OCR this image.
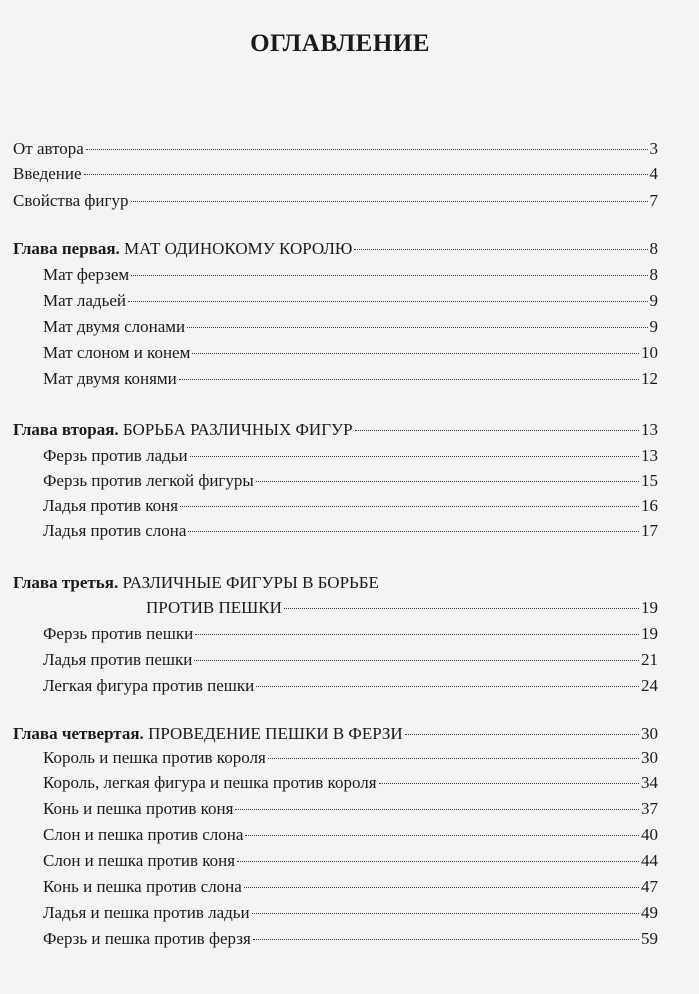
ОГЛАВЛЕНИЕ
От автора	3
Введение	4
Свойства фигур	7
Глава первая. МАТ ОДИНОКОМУ КОРОЛЮ	8
Мат ферзем	8
Мат ладьей	9
Мат двумя слонами	9
Мат слоном и конем	10
Мат двумя конями	12
Глава вторая. БОРЬБА РАЗЛИЧНЫХ ФИГУР	13
Ферзь против ладьи	13
Ферзь против легкой фигуры	15
Ладья против коня	16
Ладья против слона	17
Глава третья. РАЗЛИЧНЫЕ ФИГУРЫ В БОРЬБЕ
ПРОТИВ ПЕШКИ	19
Ферзь против пешки	19
Ладья против пешки	21
Легкая фигура против пешки	24
Глава четвертая. ПРОВЕДЕНИЕ ПЕШКИ В ФЕРЗИ	30
Король и пешка против короля	30
Король, легкая фигура и пешка против короля	34
Конь и пешка против коня	37
Слон и пешка против слона	40
Слон и пешка против коня	44
Конь и пешка против слона	47
Ладья и пешка против ладьи	49
Ферзь и пешка против ферзя	59
